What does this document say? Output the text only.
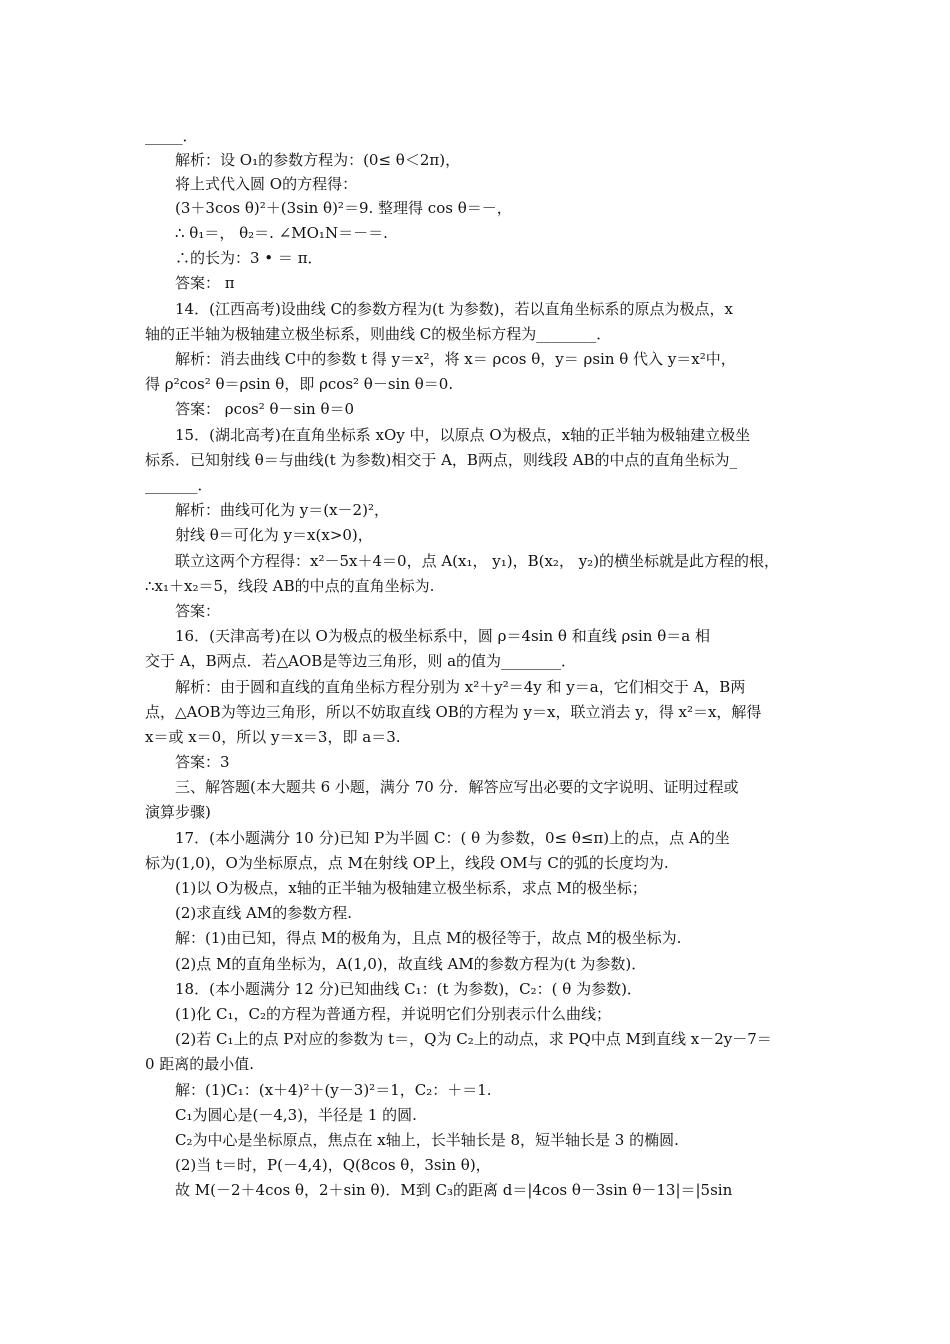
_____．
解析：设 O₁的参数方程为：(0≤ θ＜2π)，
将上式代入圆 O的方程得：
(3＋3cos θ)²＋(3sin θ)²＝9. 整理得 cos θ＝－，
∴ θ₁＝， θ₂＝. ∠MO₁N＝－＝.
∴的长为：3 • ＝ π．
答案： π
14．(江西高考)设曲线 C的参数方程为(t 为参数)，若以直角坐标系的原点为极点，x
轴的正半轴为极轴建立极坐标系，则曲线 C的极坐标方程为________．
解析：消去曲线 C中的参数 t 得 y＝x²，将 x＝ ρcos θ，y＝ ρsin θ 代入 y＝x²中，
得 ρ²cos² θ＝ρsin θ，即 ρcos² θ－sin θ＝0.
答案： ρcos² θ－sin θ＝0
15．(湖北高考)在直角坐标系 xOy 中，以原点 O为极点，x轴的正半轴为极轴建立极坐
标系．已知射线 θ＝与曲线(t 为参数)相交于 A，B两点，则线段 AB的中点的直角坐标为_
_______．
解析：曲线可化为 y＝(x－2)²，
射线 θ＝可化为 y＝x(x>0)，
联立这两个方程得：x²－5x＋4＝0，点 A(x₁， y₁)，B(x₂， y₂)的横坐标就是此方程的根，
∴x₁＋x₂＝5，线段 AB的中点的直角坐标为.
答案：
16．(天津高考)在以 O为极点的极坐标系中，圆 ρ＝4sin θ 和直线 ρsin θ＝a 相
交于 A，B两点．若△AOB是等边三角形，则 a的值为________．
解析：由于圆和直线的直角坐标方程分别为 x²＋y²＝4y 和 y＝a，它们相交于 A，B两
点，△AOB为等边三角形，所以不妨取直线 OB的方程为 y＝x，联立消去 y，得 x²＝x，解得
x＝或 x＝0，所以 y＝x＝3，即 a＝3.
答案：3
三、解答题(本大题共 6 小题，满分 70 分．解答应写出必要的文字说明、证明过程或
演算步骤)
17．(本小题满分 10 分)已知 P为半圆 C：( θ 为参数，0≤ θ≤π)上的点，点 A的坐
标为(1,0)，O为坐标原点，点 M在射线 OP上，线段 OM与 C的弧的长度均为.
(1)以 O为极点，x轴的正半轴为极轴建立极坐标系，求点 M的极坐标；
(2)求直线 AM的参数方程.
解：(1)由已知，得点 M的极角为，且点 M的极径等于，故点 M的极坐标为.
(2)点 M的直角坐标为，A(1,0)，故直线 AM的参数方程为(t 为参数)．
18．(本小题满分 12 分)已知曲线 C₁：(t 为参数)，C₂：( θ 为参数)．
(1)化 C₁，C₂的方程为普通方程，并说明它们分别表示什么曲线；
(2)若 C₁上的点 P对应的参数为 t＝，Q为 C₂上的动点，求 PQ中点 M到直线 x－2y－7＝
0 距离的最小值.
解：(1)C₁：(x＋4)²＋(y－3)²＝1，C₂：＋＝1.
C₁为圆心是(－4,3)，半径是 1 的圆.
C₂为中心是坐标原点，焦点在 x轴上，长半轴长是 8，短半轴长是 3 的椭圆.
(2)当 t＝时，P(－4,4)，Q(8cos θ，3sin θ)，
故 M(－2＋4cos θ，2＋sin θ)．M到 C₃的距离 d＝|4cos θ－3sin θ－13|＝|5sin
